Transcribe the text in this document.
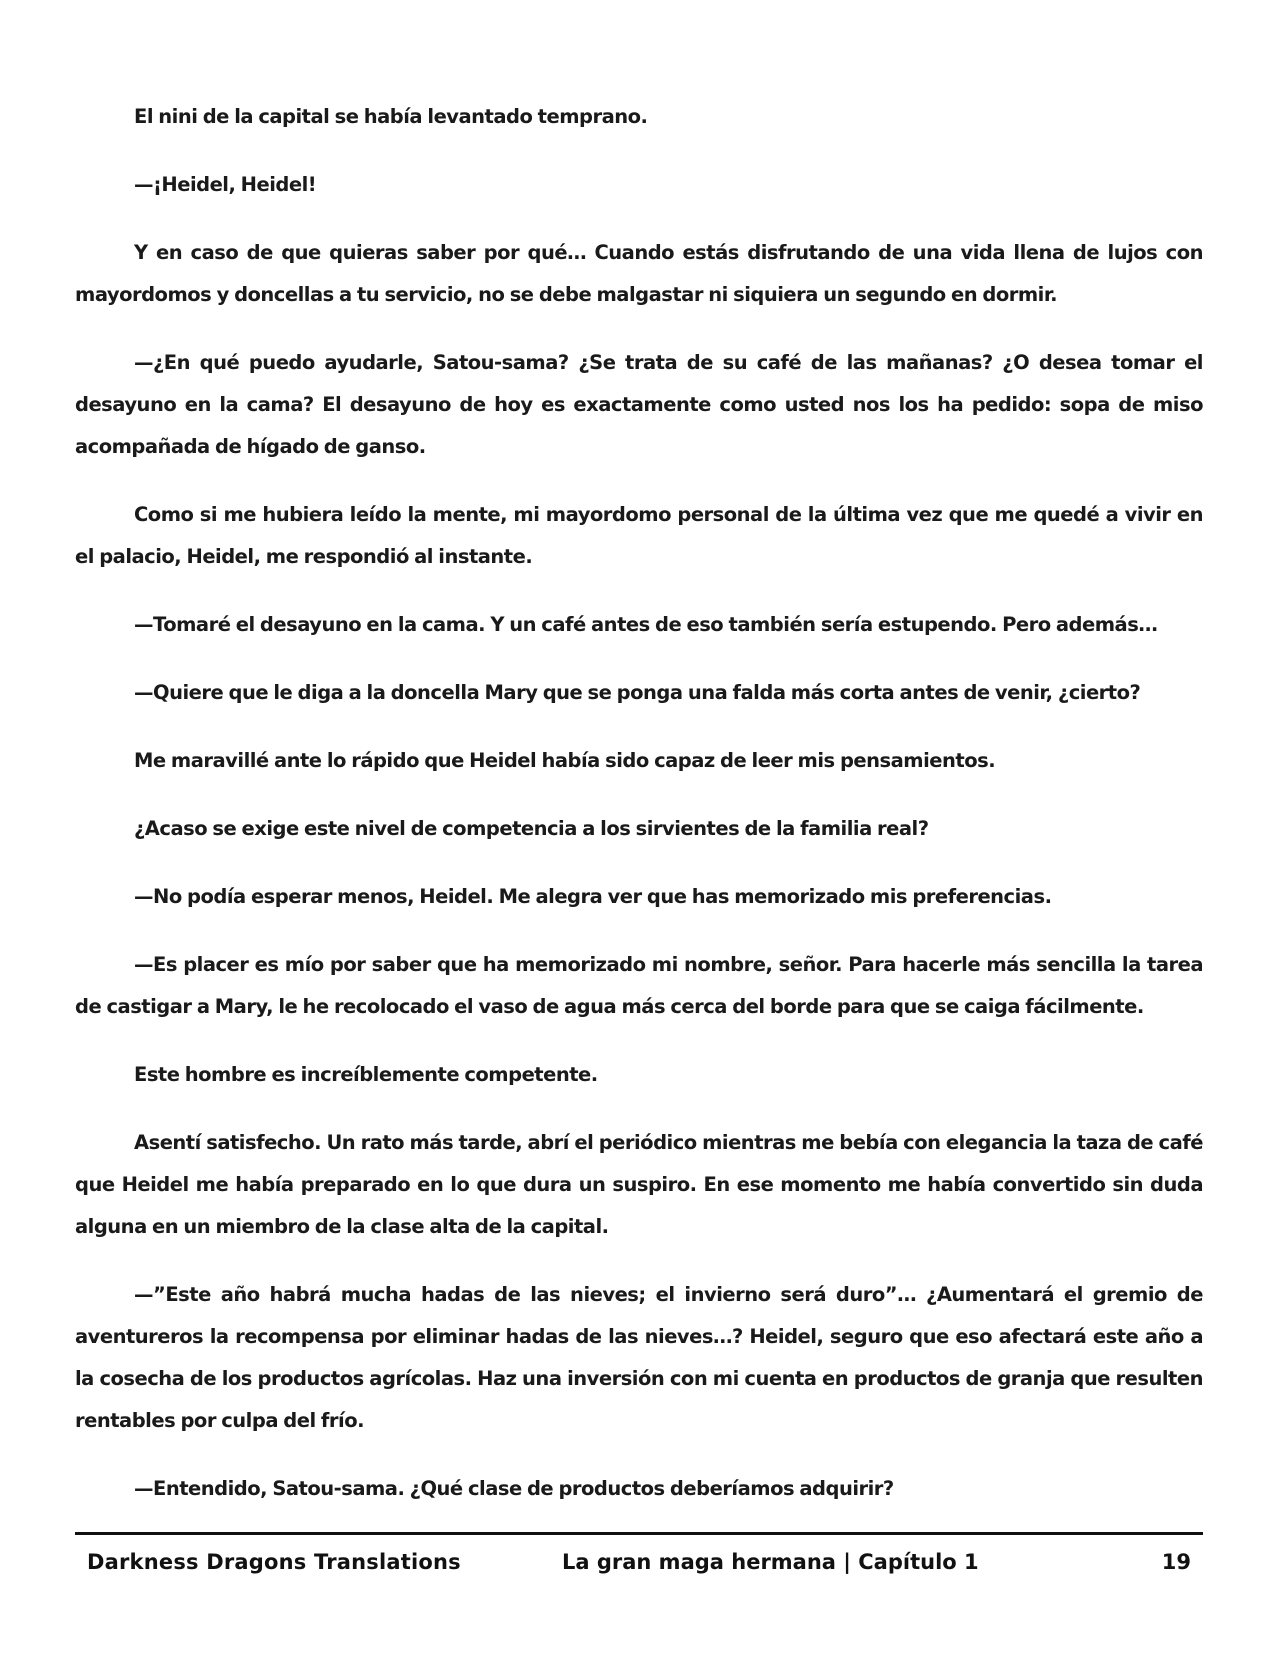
El nini de la capital se había levantado temprano.

—¡Heidel, Heidel!

Y en caso de que quieras saber por qué… Cuando estás disfrutando de una vida llena de lujos con mayordomos y doncellas a tu servicio, no se debe malgastar ni siquiera un segundo en dormir.

—¿En qué puedo ayudarle, Satou-sama? ¿Se trata de su café de las mañanas? ¿O desea tomar el desayuno en la cama? El desayuno de hoy es exactamente como usted nos los ha pedido: sopa de miso acompañada de hígado de ganso.

Como si me hubiera leído la mente, mi mayordomo personal de la última vez que me quedé a vivir en el palacio, Heidel, me respondió al instante.

—Tomaré el desayuno en la cama. Y un café antes de eso también sería estupendo. Pero además…

—Quiere que le diga a la doncella Mary que se ponga una falda más corta antes de venir, ¿cierto?

Me maravillé ante lo rápido que Heidel había sido capaz de leer mis pensamientos.

¿Acaso se exige este nivel de competencia a los sirvientes de la familia real?

—No podía esperar menos, Heidel. Me alegra ver que has memorizado mis preferencias.

—Es placer es mío por saber que ha memorizado mi nombre, señor. Para hacerle más sencilla la tarea de castigar a Mary, le he recolocado el vaso de agua más cerca del borde para que se caiga fácilmente.

Este hombre es increíblemente competente.

Asentí satisfecho. Un rato más tarde, abrí el periódico mientras me bebía con elegancia la taza de café que Heidel me había preparado en lo que dura un suspiro. En ese momento me había convertido sin duda alguna en un miembro de la clase alta de la capital.

—”Este año habrá mucha hadas de las nieves; el invierno será duro”… ¿Aumentará el gremio de aventureros la recompensa por eliminar hadas de las nieves…? Heidel, seguro que eso afectará este año a la cosecha de los productos agrícolas. Haz una inversión con mi cuenta en productos de granja que resulten rentables por culpa del frío.

—Entendido, Satou-sama. ¿Qué clase de productos deberíamos adquirir?

Darkness Dragons Translations	La gran maga hermana | Capítulo 1	19
